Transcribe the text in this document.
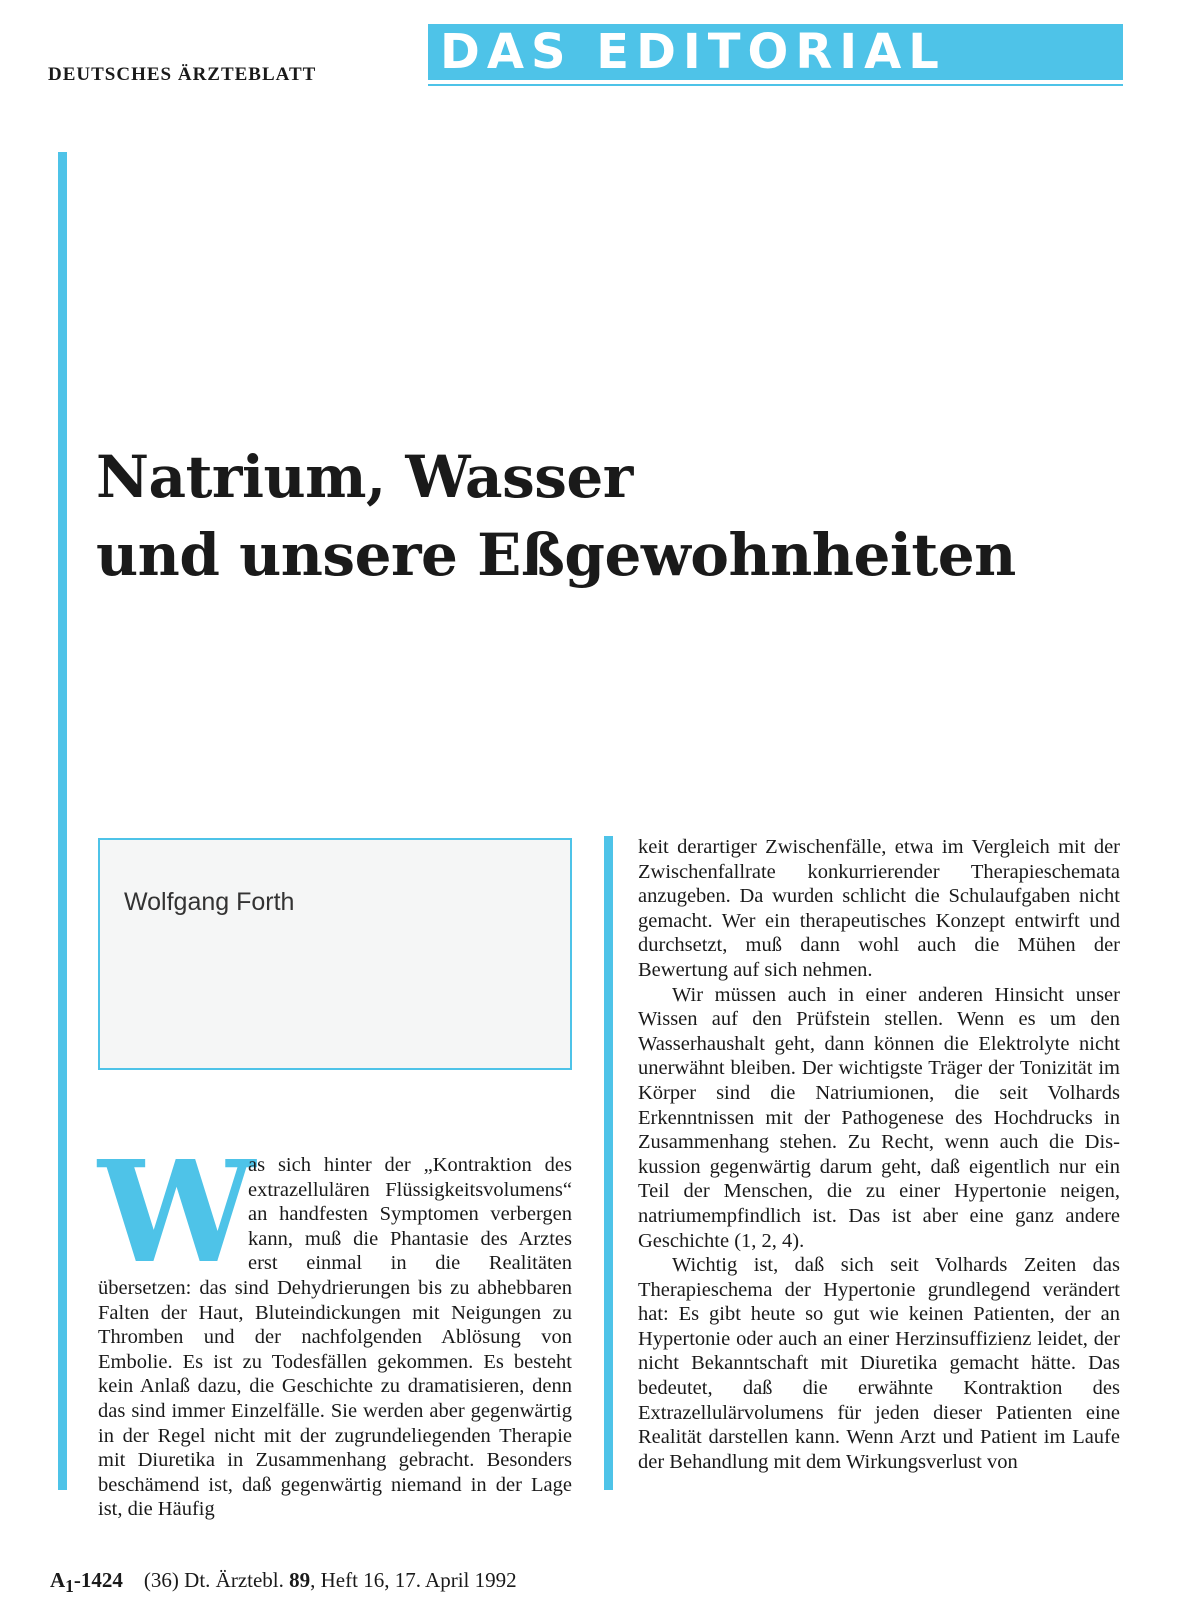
DEUTSCHES ÄRZTEBLATT	DAS EDITORIAL
Natrium, Wasser
und unsere Eßgewohnheiten
Wolfgang Forth
W

as sich hinter der „Kontraktion des extrazellulären Flüssigkeitsvolumens“ an handfesten Symptomen verbergen kann, muß die Phantasie des Arztes erst einmal in die Realitäten übersetzen: das sind Dehydrierungen bis zu abhebbaren Falten der Haut, Bluteindickungen mit Neigungen zu Thromben und der nachfolgenden Ablösung von Embolie. Es ist zu Todesfällen gekommen. Es besteht kein Anlaß dazu, die Geschichte zu dramatisieren, denn das sind immer Einzelfälle. Sie werden aber gegenwärtig in der Regel nicht mit der zugrundeliegenden Therapie mit Diuretika in Zusammenhang gebracht. Besonders beschämend ist, daß gegenwärtig niemand in der Lage ist, die Häufig

keit derartiger Zwischenfälle, etwa im Vergleich mit der Zwischenfallrate konkurrierender Therapieschemata anzugeben. Da wurden schlicht die Schulaufgaben nicht gemacht. Wer ein therapeutisches Konzept entwirft und durchsetzt, muß dann wohl auch die Mühen der Bewertung auf sich nehmen.

Wir müssen auch in einer anderen Hinsicht unser Wissen auf den Prüfstein stellen. Wenn es um den Wasserhaushalt geht, dann können die Elektrolyte nicht unerwähnt bleiben. Der wichtigste Träger der Tonizität im Körper sind die Natriumionen, die seit Volhards Erkenntnissen mit der Pathogenese des Hochdrucks in Zusammenhang stehen. Zu Recht, wenn auch die Diskussion gegenwärtig darum geht, daß eigentlich nur ein Teil der Menschen, die zu einer Hypertonie neigen, natriumempfindlich ist. Das ist aber eine ganz andere Geschichte (1, 2, 4).

Wichtig ist, daß sich seit Volhards Zeiten das Therapieschema der Hypertonie grundlegend verändert hat: Es gibt heute so gut wie keinen Patienten, der an Hypertonie oder auch an einer Herzinsuffizienz leidet, der nicht Bekanntschaft mit Diuretika gemacht hätte. Das bedeutet, daß die erwähnte Kontraktion des Extrazellulärvolumens für jeden dieser Patienten eine Realität darstellen kann. Wenn Arzt und Patient im Laufe der Behandlung mit dem Wirkungsverlust von

$A_1-1424$ (36) Dt. Ärztebl. 89, Heft 16, 17. April 1992
